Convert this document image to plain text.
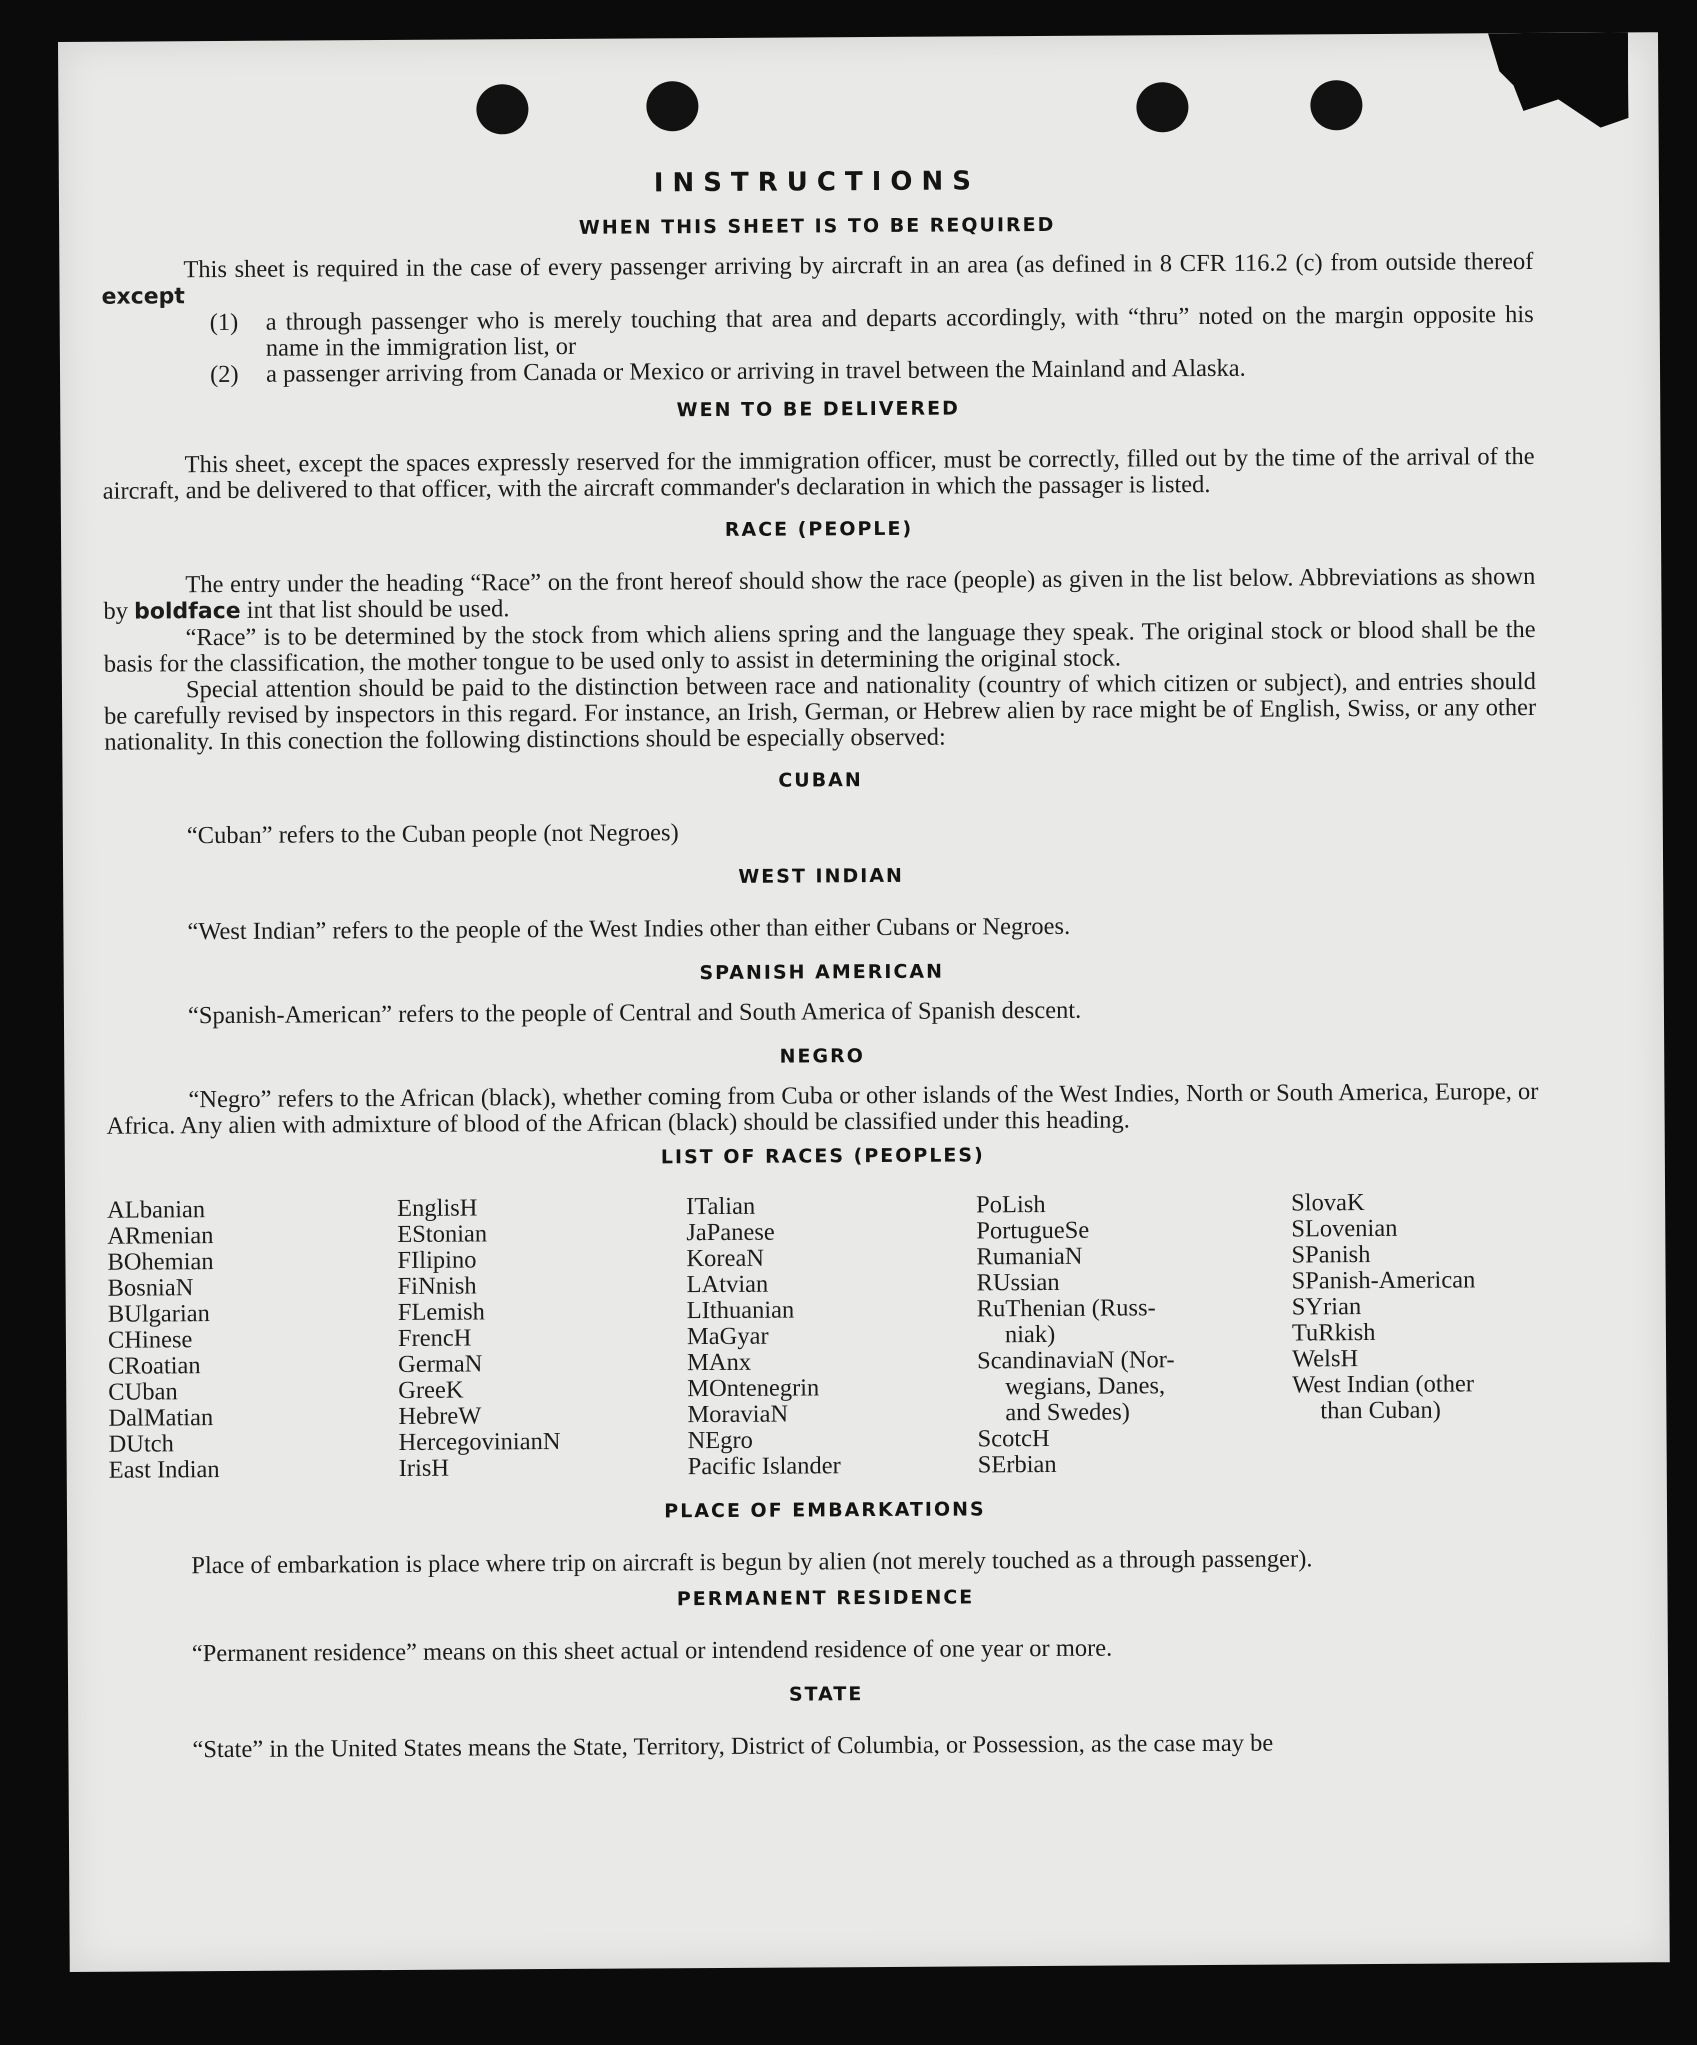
INSTRUCTIONS
WHEN THIS SHEET IS TO BE REQUIRED

This sheet is required in the case of every passenger arriving by aircraft in an area (as defined in 8 CFR 116.2 (c) from outside thereof except

(1)	a through passenger who is merely touching that area and departs accordingly, with “thru” noted on the margin opposite his name in the immigration list, or
(2)	a passenger arriving from Canada or Mexico or arriving in travel between the Mainland and Alaska.
WEN TO BE DELIVERED

This sheet, except the spaces expressly reserved for the immigration officer, must be correctly, filled out by the time of the arrival of the aircraft, and be delivered to that officer, with the aircraft commander's declaration in which the passager is listed.

RACE (PEOPLE)

The entry under the heading “Race” on the front hereof should show the race (people) as given in the list below. Abbreviations as shown by boldface int that list should be used.

“Race” is to be determined by the stock from which aliens spring and the language they speak. The original stock or blood shall be the basis for the classification, the mother tongue to be used only to assist in determining the original stock.

Special attention should be paid to the distinction between race and nationality (country of which citizen or subject), and entries should be carefully revised by inspectors in this regard. For instance, an Irish, German, or Hebrew alien by race might be of English, Swiss, or any other nationality. In this conection the following distinctions should be especially observed:

CUBAN

“Cuban” refers to the Cuban people (not Negroes)

WEST INDIAN

“West Indian” refers to the people of the West Indies other than either Cubans or Negroes.

SPANISH AMERICAN

“Spanish-American” refers to the people of Central and South America of Spanish descent.

NEGRO

“Negro” refers to the African (black), whether coming from Cuba or other islands of the West Indies, North or South America, Europe, or Africa. Any alien with admixture of blood of the African (black) should be classified under this heading.

LIST OF RACES (PEOPLES)
ALbanian
ARmenian
BOhemian
BosniaN
BUlgarian
CHinese
CRoatian
CUban
DalMatian
DUtch
East Indian
EnglisH
EStonian
FIlipino
FiNnish
FLemish
FrencH
GermaN
GreeK
HebreW
HercegovinianN
IrisH
ITalian
JaPanese
KoreaN
LAtvian
LIthuanian
MaGyar
MAnx
MOntenegrin
MoraviaN
NEgro
Pacific Islander
PoLish
PortugueSe
RumaniaN
RUssian
RuThenian (Russ-
niak)
ScandinaviaN (Nor-
wegians, Danes,
and Swedes)
ScotcH
SErbian
SlovaK
SLovenian
SPanish
SPanish-American
SYrian
TuRkish
WelsH
West Indian (other
than Cuban)
PLACE OF EMBARKATIONS

Place of embarkation is place where trip on aircraft is begun by alien (not merely touched as a through passenger).

PERMANENT RESIDENCE

“Permanent residence” means on this sheet actual or intendend residence of one year or more.

STATE

“State” in the United States means the State, Territory, District of Columbia, or Possession, as the case may be
